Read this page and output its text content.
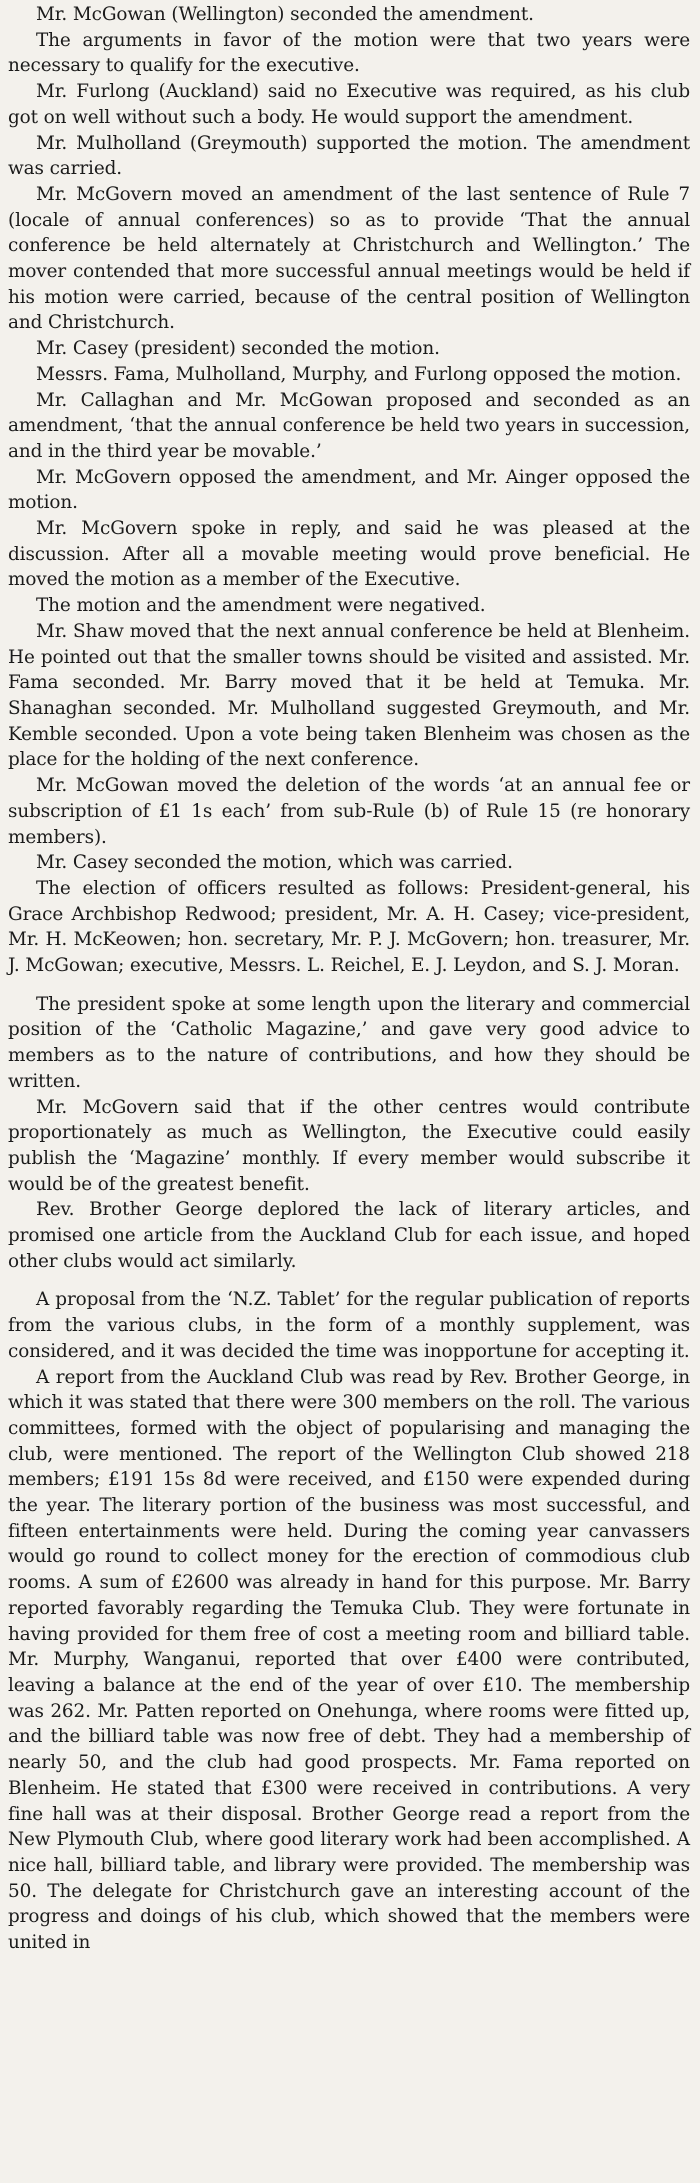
Mr. McGowan (Wellington) seconded the amendment.

The arguments in favor of the motion were that two years were necessary to qualify for the executive.

Mr. Furlong (Auckland) said no Executive was required, as his club got on well without such a body. He would support the amendment.

Mr. Mulholland (Greymouth) supported the motion. The amendment was carried.

Mr. McGovern moved an amendment of the last sentence of Rule 7 (locale of annual conferences) so as to provide ‘That the annual conference be held alternately at Christchurch and Wellington.’ The mover contended that more successful annual meetings would be held if his motion were carried, because of the central position of Wellington and Christchurch.

Mr. Casey (president) seconded the motion.

Messrs. Fama, Mulholland, Murphy, and Furlong opposed the motion.

Mr. Callaghan and Mr. McGowan proposed and seconded as an amendment, ‘that the annual conference be held two years in succession, and in the third year be movable.’

Mr. McGovern opposed the amendment, and Mr. Ainger opposed the motion.

Mr. McGovern spoke in reply, and said he was pleased at the discussion. After all a movable meeting would prove beneficial. He moved the motion as a member of the Executive.

The motion and the amendment were negatived.

Mr. Shaw moved that the next annual conference be held at Blenheim. He pointed out that the smaller towns should be visited and assisted. Mr. Fama seconded. Mr. Barry moved that it be held at Temuka. Mr. Shanaghan seconded. Mr. Mulholland suggested Greymouth, and Mr. Kemble seconded. Upon a vote being taken Blenheim was chosen as the place for the holding of the next conference.

Mr. McGowan moved the deletion of the words ‘at an annual fee or subscription of £1 1s each’ from sub-Rule (b) of Rule 15 (re honorary members).

Mr. Casey seconded the motion, which was carried.

The election of officers resulted as follows: President-general, his Grace Archbishop Redwood; president, Mr. A. H. Casey; vice-president, Mr. H. McKeowen; hon. secretary, Mr. P. J. McGovern; hon. treasurer, Mr. J. McGowan; executive, Messrs. L. Reichel, E. J. Leydon, and S. J. Moran.

The president spoke at some length upon the literary and commercial position of the ‘Catholic Magazine,’ and gave very good advice to members as to the nature of contributions, and how they should be written.

Mr. McGovern said that if the other centres would contribute proportionately as much as Wellington, the Executive could easily publish the ‘Magazine’ monthly. If every member would subscribe it would be of the greatest benefit.

Rev. Brother George deplored the lack of literary articles, and promised one article from the Auckland Club for each issue, and hoped other clubs would act similarly.

A proposal from the ‘N.Z. Tablet’ for the regular publication of reports from the various clubs, in the form of a monthly supplement, was considered, and it was decided the time was inopportune for accepting it.

A report from the Auckland Club was read by Rev. Brother George, in which it was stated that there were 300 members on the roll. The various committees, formed with the object of popularising and managing the club, were mentioned. The report of the Wellington Club showed 218 members; £191 15s 8d were received, and £150 were expended during the year. The literary portion of the business was most successful, and fifteen entertainments were held. During the coming year canvassers would go round to collect money for the erection of commodious club rooms. A sum of £2600 was already in hand for this purpose. Mr. Barry reported favorably regarding the Temuka Club. They were fortunate in having provided for them free of cost a meeting room and billiard table. Mr. Murphy, Wanganui, reported that over £400 were contributed, leaving a balance at the end of the year of over £10. The membership was 262. Mr. Patten reported on Onehunga, where rooms were fitted up, and the billiard table was now free of debt. They had a membership of nearly 50, and the club had good prospects. Mr. Fama reported on Blenheim. He stated that £300 were received in contributions. A very fine hall was at their disposal. Brother George read a report from the New Plymouth Club, where good literary work had been accomplished. A nice hall, billiard table, and library were provided. The membership was 50. The delegate for Christchurch gave an interesting account of the progress and doings of his club, which showed that the members were united in
